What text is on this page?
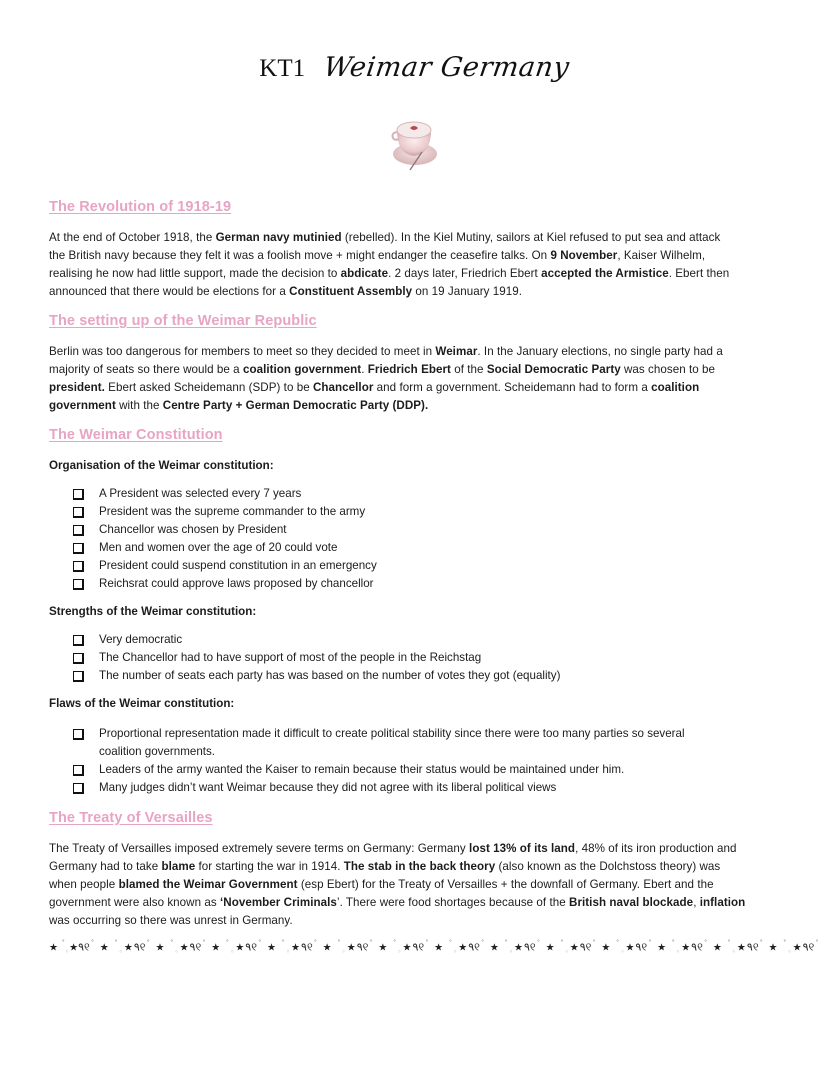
KT1 Weimar Germany
The Revolution of 1918-19
At the end of October 1918, the German navy mutinied (rebelled). In the Kiel Mutiny, sailors at Kiel refused to put sea and attack
the British navy because they felt it was a foolish move + might endanger the ceasefire talks. On 9 November, Kaiser Wilhelm,
realising he now had little support, made the decision to abdicate. 2 days later, Friedrich Ebert accepted the Armistice. Ebert then
announced that there would be elections for a Constituent Assembly on 19 January 1919.
The setting up of the Weimar Republic
Berlin was too dangerous for members to meet so they decided to meet in Weimar. In the January elections, no single party had a
majority of seats so there would be a coalition government. Friedrich Ebert of the Social Democratic Party was chosen to be
president. Ebert asked Scheidemann (SDP) to be Chancellor and form a government. Scheidemann had to form a coalition
government with the Centre Party + German Democratic Party (DDP).
The Weimar Constitution
Organisation of the Weimar constitution:
A President was selected every 7 years
President was the supreme commander to the army
Chancellor was chosen by President
Men and women over the age of 20 could vote
President could suspend constitution in an emergency
Reichsrat could approve laws proposed by chancellor
Strengths of the Weimar constitution:
Very democratic
The Chancellor had to have support of most of the people in the Reichstag
The number of seats each party has was based on the number of votes they got (equality)
Flaws of the Weimar constitution:
Proportional representation made it difficult to create political stability since there were too many parties so several
coalition governments.
Leaders of the army wanted the Kaiser to remain because their status would be maintained under him.
Many judges didn’t want Weimar because they did not agree with its liberal political views
The Treaty of Versailles
The Treaty of Versailles imposed extremely severe terms on Germany: Germany lost 13% of its land, 48% of its iron production and
Germany had to take blame for starting the war in 1914. The stab in the back theory (also known as the Dolchstoss theory) was
when people blamed the Weimar Government (esp Ebert) for the Treaty of Versailles + the downfall of Germany. Ebert and the
government were also known as ‘November Criminals’. There were food shortages because of the British naval blockade, inflation
was occurring so there was unrest in Germany.
★ ˚$_◦$★٩୧˚ ★ ˚$_◦$★٩୧˚ ★ ˚$_◦$★٩୧˚ ★ ˚$_◦$★٩୧˚ ★ ˚$_◦$★٩୧˚ ★ ˚$_◦$★٩୧˚ ★ ˚$_◦$★٩୧˚ ★ ˚$_◦$★٩୧˚ ★ ˚$_◦$★٩୧˚ ★ ˚$_◦$★٩୧˚ ★ ˚$_◦$★٩୧˚ ★ ˚$_◦$★٩୧˚ ★ ˚$_◦$★٩୧˚ ★ ˚$_◦$★٩୧˚
